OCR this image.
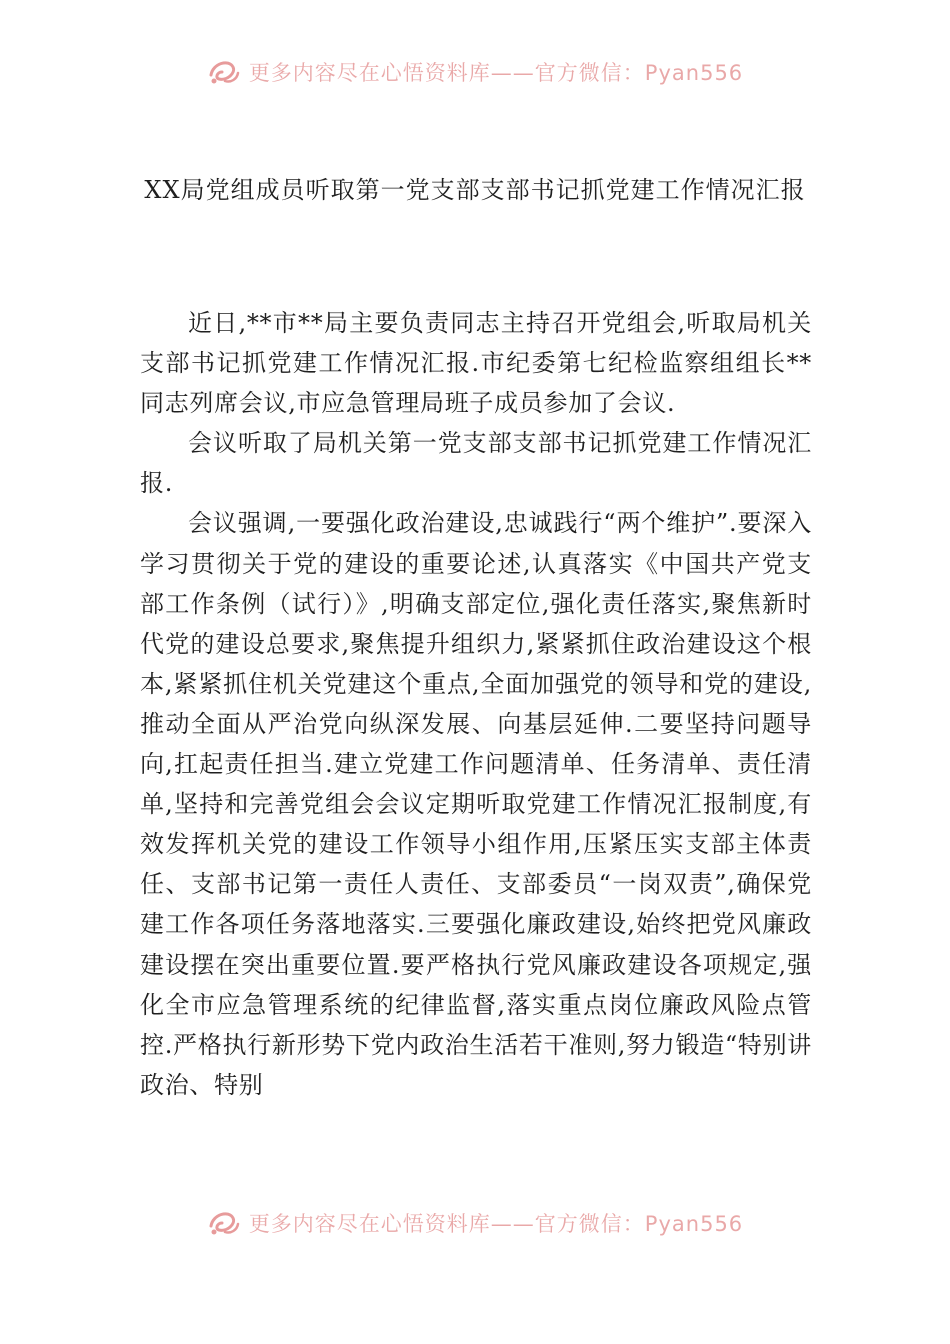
更多内容尽在心悟资料库——官方微信：Pyan556
XX局党组成员听取第一党支部支部书记抓党建工作情况汇报

近日,**市**局主要负责同志主持召开党组会,听取局机关支部书记抓党建工作情况汇报.市纪委第七纪检监察组组长**同志列席会议,市应急管理局班子成员参加了会议.

会议听取了局机关第一党支部支部书记抓党建工作情况汇报.

会议强调,一要强化政治建设,忠诚践行“两个维护”.要深入学习贯彻关于党的建设的重要论述,认真落实《中国共产党支部工作条例（试行）》,明确支部定位,强化责任落实,聚焦新时代党的建设总要求,聚焦提升组织力,紧紧抓住政治建设这个根本,紧紧抓住机关党建这个重点,全面加强党的领导和党的建设,推动全面从严治党向纵深发展、向基层延伸.二要坚持问题导向,扛起责任担当.建立党建工作问题清单、任务清单、责任清单,坚持和完善党组会会议定期听取党建工作情况汇报制度,有效发挥机关党的建设工作领导小组作用,压紧压实支部主体责任、支部书记第一责任人责任、支部委员“一岗双责”,确保党建工作各项任务落地落实.三要强化廉政建设,始终把党风廉政建设摆在突出重要位置.要严格执行党风廉政建设各项规定,强化全市应急管理系统的纪律监督,落实重点岗位廉政风险点管控.严格执行新形势下党内政治生活若干准则,努力锻造“特别讲政治、特别

更多内容尽在心悟资料库——官方微信：Pyan556
